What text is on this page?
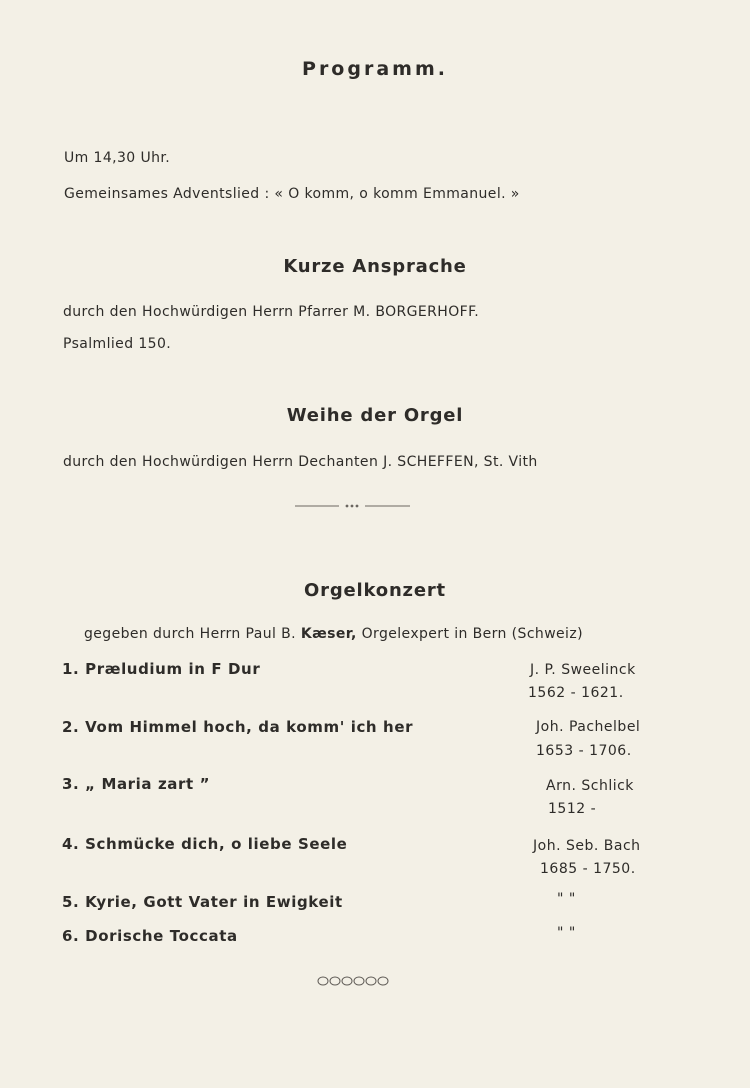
Programm.
Um 14,30 Uhr.
Gemeinsames Adventslied : « O komm, o komm Emmanuel. »
Kurze Ansprache
durch den Hochwürdigen Herrn Pfarrer M. BORGERHOFF.
Psalmlied 150.
Weihe der Orgel
durch den Hochwürdigen Herrn Dechanten J. SCHEFFEN, St. Vith
Orgelkonzert
gegeben durch Herrn Paul B. Kæser, Orgelexpert in Bern (Schweiz)
1. Præludium in F Dur	J. P. Sweelinck
1562 - 1621.
2. Vom Himmel hoch, da komm' ich her	Joh. Pachelbel
1653 - 1706.
3. „ Maria zart ”	Arn. Schlick
1512 -
4. Schmücke dich, o liebe Seele	Joh. Seb. Bach
1685 - 1750.
5. Kyrie, Gott Vater in Ewigkeit	" "
6. Dorische Toccata	" "
